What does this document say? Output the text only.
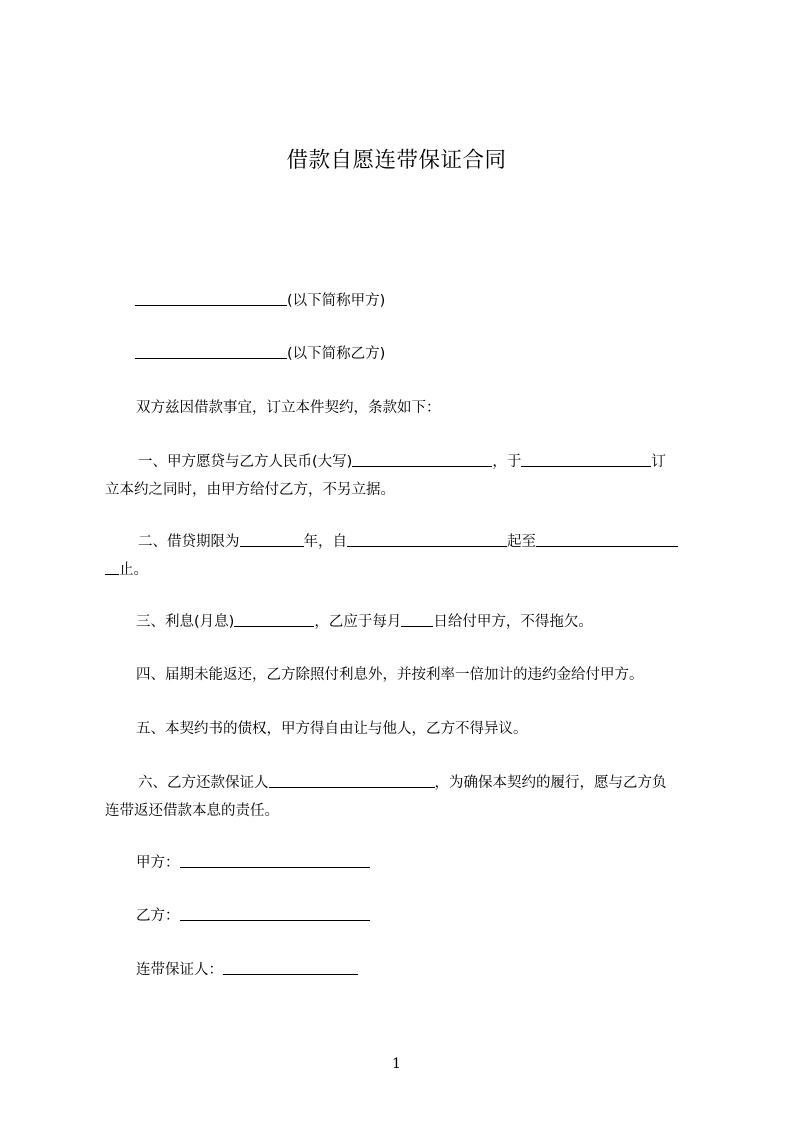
借款自愿连带保证合同
(以下简称甲方)
(以下简称乙方)
双方兹因借款事宜，订立本件契约，条款如下：
一、甲方愿贷与乙方人民币(大写)	，于	订
立本约之同时，由甲方给付乙方，不另立据。
二、借贷期限为	年，自	起至
止。
三、利息(月息)	，乙应于每月 日给付甲方，不得拖欠。
四、届期未能返还，乙方除照付利息外，并按利率一倍加计的违约金给付甲方。
五、本契约书的债权，甲方得自由让与他人，乙方不得异议。
六、乙方还款保证人	，为确保本契约的履行，愿与乙方负
连带返还借款本息的责任。
甲方：
乙方：
连带保证人：
1
